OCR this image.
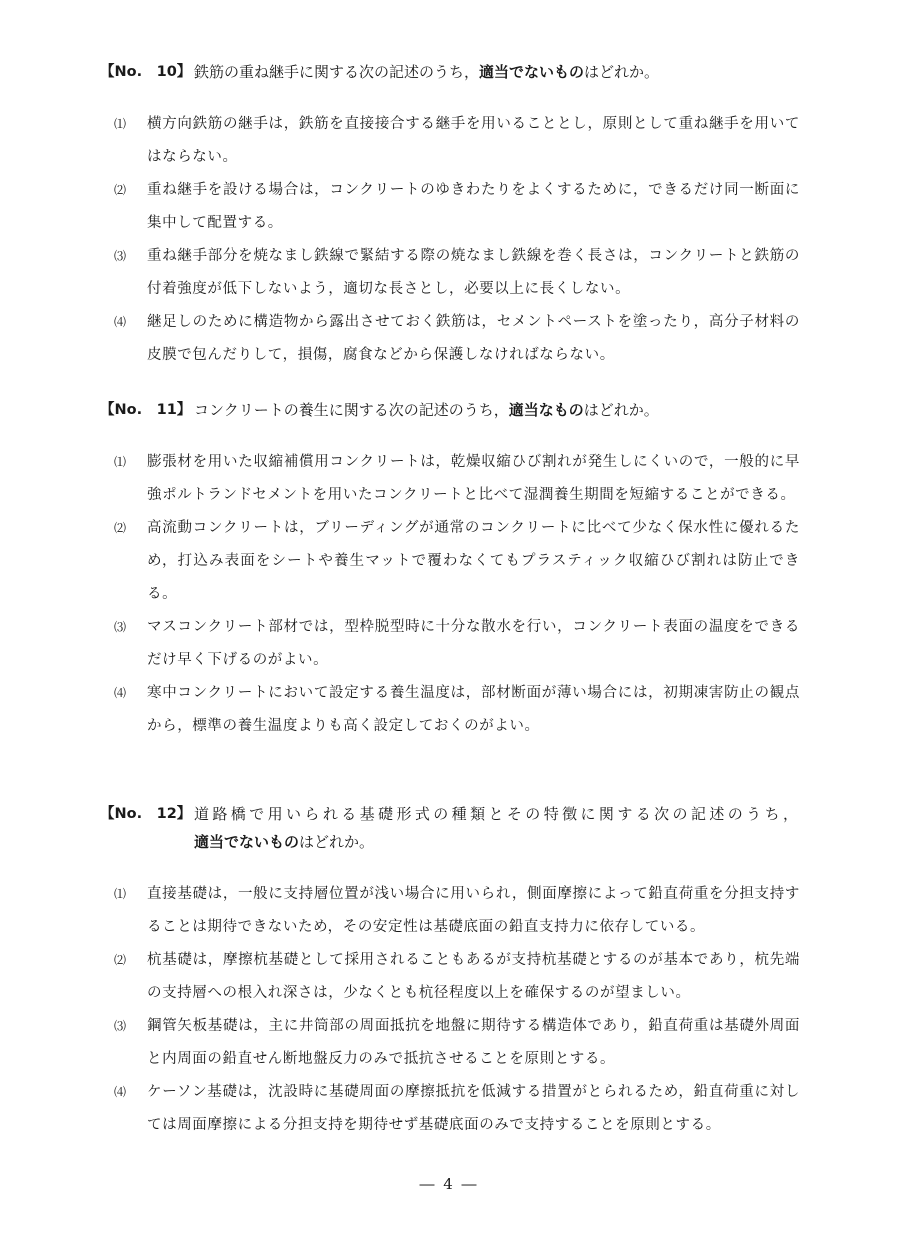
【No.　10】 鉄筋の重ね継手に関する次の記述のうち，適当でないものはどれか。
⑴	横方向鉄筋の継手は，鉄筋を直接接合する継手を用いることとし，原則として重ね継手を用いてはならない。
⑵	重ね継手を設ける場合は，コンクリートのゆきわたりをよくするために，できるだけ同一断面に集中して配置する。
⑶	重ね継手部分を焼なまし鉄線で緊結する際の焼なまし鉄線を巻く長さは，コンクリートと鉄筋の付着強度が低下しないよう，適切な長さとし，必要以上に長くしない。
⑷	継足しのために構造物から露出させておく鉄筋は，セメントペーストを塗ったり，高分子材料の皮膜で包んだりして，損傷，腐食などから保護しなければならない。
【No.　11】 コンクリートの養生に関する次の記述のうち，適当なものはどれか。
⑴	膨張材を用いた収縮補償用コンクリートは，乾燥収縮ひび割れが発生しにくいので，一般的に早強ポルトランドセメントを用いたコンクリートと比べて湿潤養生期間を短縮することができる。
⑵	高流動コンクリートは，ブリーディングが通常のコンクリートに比べて少なく保水性に優れるため，打込み表面をシートや養生マットで覆わなくてもプラスティック収縮ひび割れは防止できる。
⑶	マスコンクリート部材では，型枠脱型時に十分な散水を行い，コンクリート表面の温度をできるだけ早く下げるのがよい。
⑷	寒中コンクリートにおいて設定する養生温度は，部材断面が薄い場合には，初期凍害防止の観点から，標準の養生温度よりも高く設定しておくのがよい。
【No.　12】 道路橋で用いられる基礎形式の種類とその特徴に関する次の記述のうち，
適当でないものはどれか。
⑴	直接基礎は，一般に支持層位置が浅い場合に用いられ，側面摩擦によって鉛直荷重を分担支持することは期待できないため，その安定性は基礎底面の鉛直支持力に依存している。
⑵	杭基礎は，摩擦杭基礎として採用されることもあるが支持杭基礎とするのが基本であり，杭先端の支持層への根入れ深さは，少なくとも杭径程度以上を確保するのが望ましい。
⑶	鋼管矢板基礎は，主に井筒部の周面抵抗を地盤に期待する構造体であり，鉛直荷重は基礎外周面と内周面の鉛直せん断地盤反力のみで抵抗させることを原則とする。
⑷	ケーソン基礎は，沈設時に基礎周面の摩擦抵抗を低減する措置がとられるため，鉛直荷重に対しては周面摩擦による分担支持を期待せず基礎底面のみで支持することを原則とする。
― 4 ―
